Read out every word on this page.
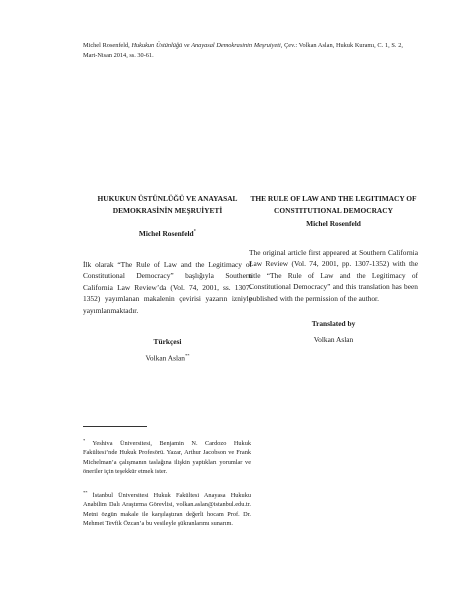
Michel Rosenfeld, Hukukun Üstünlüğü ve Anayasal Demokrasinin Meşruiyeti, Çev.: Volkan Aslan, Hukuk Kuramı, C. 1, S. 2, Mart-Nisan 2014, ss. 30-61.
HUKUKUN ÜSTÜNLÜĞÜ VE ANAYASAL DEMOKRASİNİN MEŞRUİYETİ
Michel Rosenfeld*
İlk olarak “The Rule of Law and the Legitimacy of Constitutional Democracy” başlığıyla Southern California Law Review’da (Vol. 74, 2001, ss. 1307-1352) yayımlanan makalenin çevirisi yazarın izniyle yayımlanmaktadır.
Türkçesi
Volkan Aslan**
THE RULE OF LAW AND THE LEGITIMACY OF CONSTITUTIONAL DEMOCRACY
Michel Rosenfeld
The original article first appeared at Southern California Law Review (Vol. 74, 2001, pp. 1307-1352) with the title “The Rule of Law and the Legitimacy of Constitutional Democracy” and this translation has been published with the permission of the author.
Translated by
Volkan Aslan
* Yeshiva Üniversitesi, Benjamin N. Cardozo Hukuk Fakültesi’nde Hukuk Profesörü. Yazar, Arthur Jacobson ve Frank Michelman’a çalışmanın taslağına ilişkin yaptıkları yorumlar ve öneriler için teşekkür etmek ister.
** İstanbul Üniversitesi Hukuk Fakültesi Anayasa Hukuku Anabilim Dalı Araştırma Görevlisi, volkan.aslan@istanbul.edu.tr. Metni özgün makale ile karşılaştıran değerli hocam Prof. Dr. Mehmet Tevfik Özcan’a bu vesileyle şükranlarımı sunarım.
